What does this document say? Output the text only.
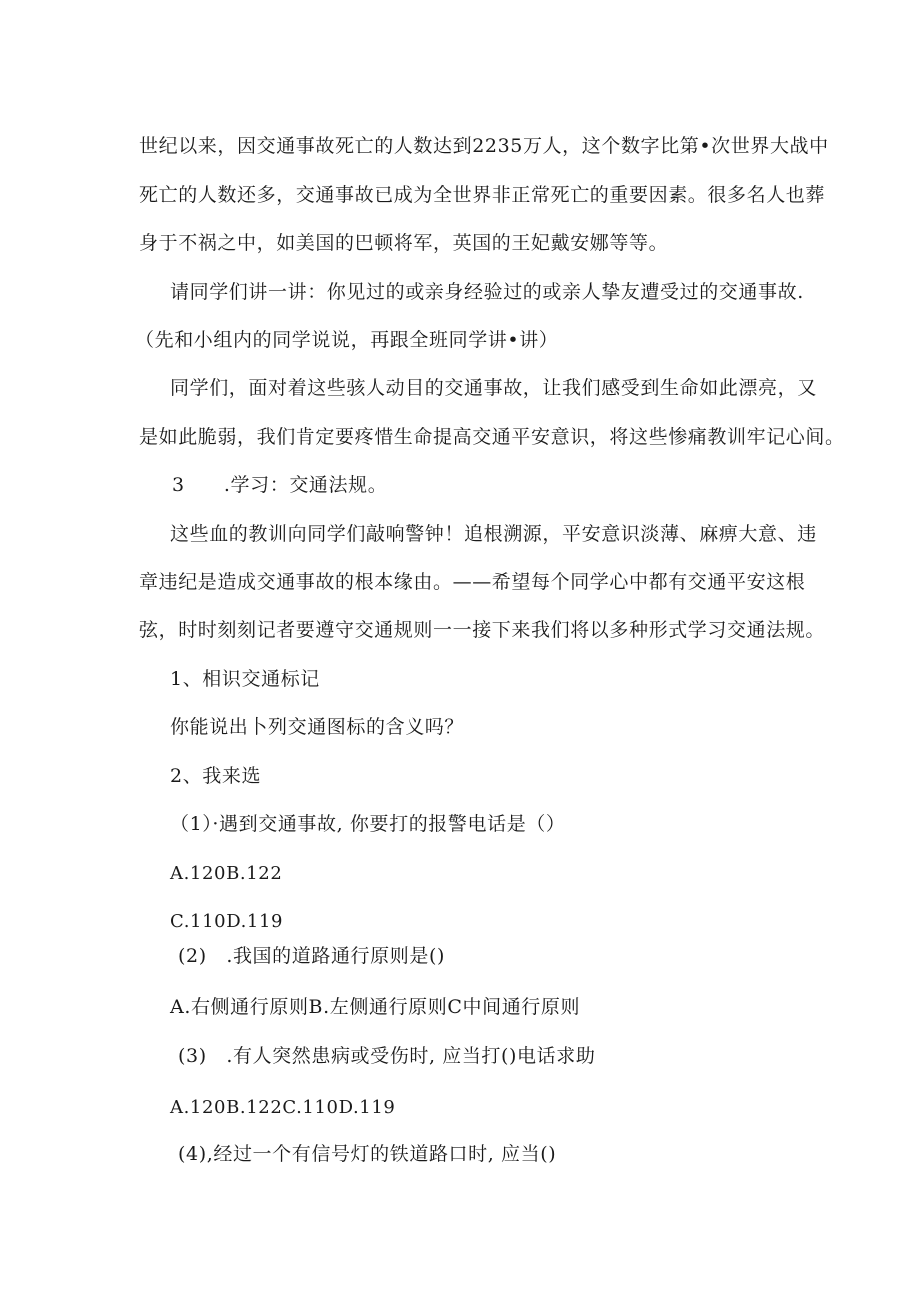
世纪以来，因交通事故死亡的人数达到2235万人，这个数字比第•次世界大战中
死亡的人数还多，交通事故已成为全世界非正常死亡的重要因素。很多名人也葬
身于不祸之中，如美国的巴顿将军，英国的王妃戴安娜等等。
请同学们讲一讲：你见过的或亲身经验过的或亲人挚友遭受过的交通事故.
（先和小组内的同学说说，再跟全班同学讲•讲）
同学们，面对着这些骇人动目的交通事故，让我们感受到生命如此漂亮，又
是如此脆弱，我们肯定要疼惜生命提高交通平安意识，将这些惨痛教训牢记心间。
3　　.学习：交通法规。
这些血的教训向同学们敲响警钟！追根溯源，平安意识淡薄、麻痹大意、违
章违纪是造成交通事故的根本缘由。——希望每个同学心中都有交通平安这根
弦，时时刻刻记者要遵守交通规则一一接下来我们将以多种形式学习交通法规。
1、相识交通标记
你能说出卜列交通图标的含义吗？
2、我来选
（1）·遇到交通事故, 你要打的报警电话是（）
A.120B.122
C.110D.119
(2)　.我国的道路通行原则是()
A.右侧通行原则B.左侧通行原则C中间通行原则
(3)　.有人突然患病或受伤时, 应当打()电话求助
A.120B.122C.110D.119
(4),经过一个有信号灯的铁道路口时, 应当()
